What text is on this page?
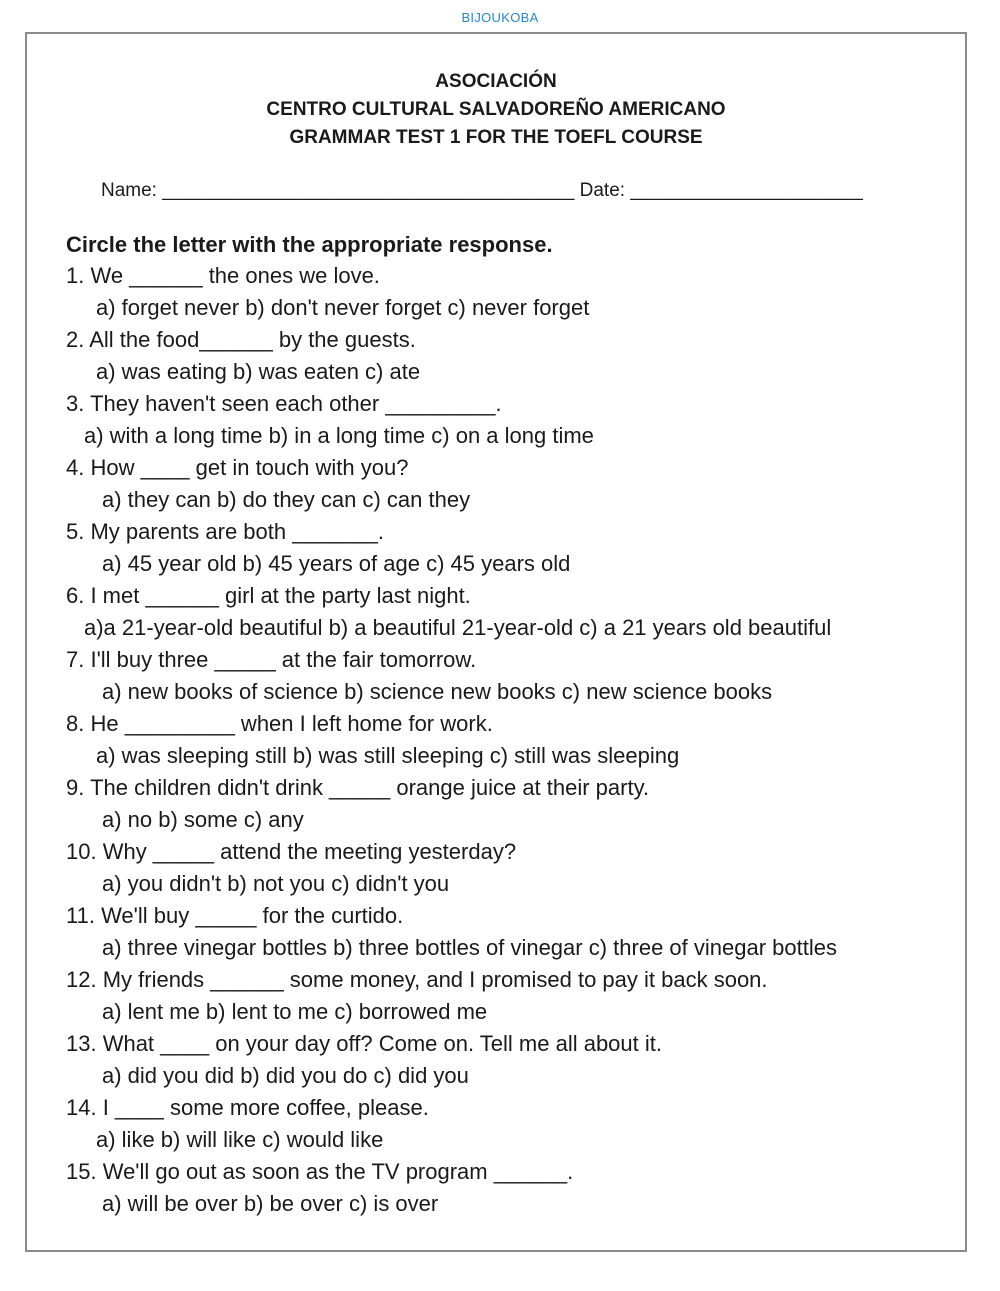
BIJOUKOBA
ASOCIACIÓN
CENTRO CULTURAL SALVADOREÑO AMERICANO
GRAMMAR TEST 1 FOR THE TOEFL COURSE
Name: _______________________________________ Date: ______________________
Circle the letter with the appropriate response.
1. We ______ the ones we love.
a) forget never b) don't never forget c) never forget
2. All the food______ by the guests.
a) was eating b) was eaten c) ate
3. They haven't seen each other _________.
a) with a long time b) in a long time c) on a long time
4. How ____ get in touch with you?
a) they can b) do they can c) can they
5. My parents are both _______.
a) 45 year old b) 45 years of age c) 45 years old
6. I met ______ girl at the party last night.
a)a 21-year-old beautiful b) a beautiful 21-year-old c) a 21 years old beautiful
7. I'll buy three _____ at the fair tomorrow.
a) new books of science b) science new books c) new science books
8. He _________ when I left home for work.
a) was sleeping still b) was still sleeping c) still was sleeping
9. The children didn't drink _____ orange juice at their party.
a) no b) some c) any
10. Why _____ attend the meeting yesterday?
a) you didn't b) not you c) didn't you
11. We'll buy _____ for the curtido.
a) three vinegar bottles b) three bottles of vinegar c) three of vinegar bottles
12. My friends ______ some money, and I promised to pay it back soon.
a) lent me b) lent to me c) borrowed me
13. What ____ on your day off? Come on. Tell me all about it.
a) did you did b) did you do c) did you
14. I ____ some more coffee, please.
a) like b) will like c) would like
15. We'll go out as soon as the TV program ______.
a) will be over b) be over c) is over
